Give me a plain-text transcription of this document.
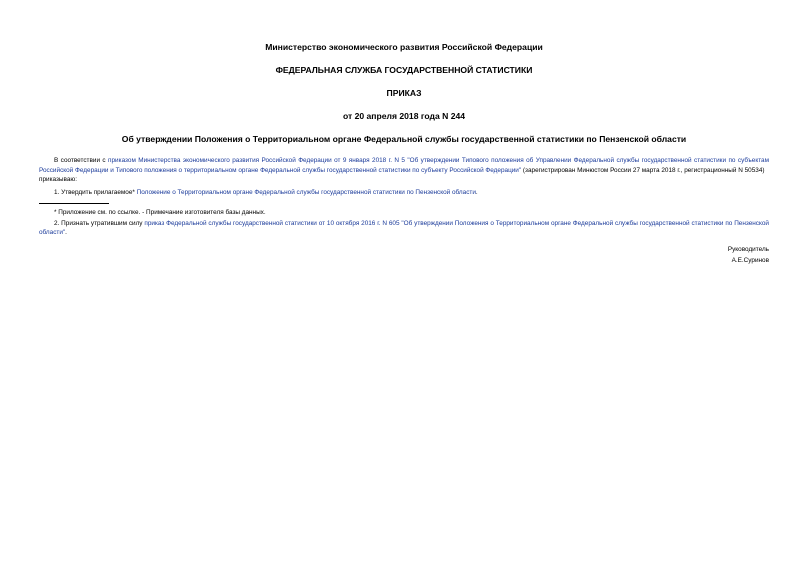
Министерство экономического развития Российской Федерации
ФЕДЕРАЛЬНАЯ СЛУЖБА ГОСУДАРСТВЕННОЙ СТАТИСТИКИ
ПРИКАЗ
от 20 апреля 2018 года N 244
Об утверждении Положения о Территориальном органе Федеральной службы государственной статистики по Пензенской области
В соответствии с приказом Министерства экономического развития Российской Федерации от 9 января 2018 г. N 5 "Об утверждении Типового положения об Управлении Федеральной службы государственной статистики по субъектам Российской Федерации и Типового положения о территориальном органе Федеральной службы государственной статистики по субъекту Российской Федерации" (зарегистрирован Минюстом России 27 марта 2018 г., регистрационный N 50534)
приказываю:
1. Утвердить прилагаемое* Положение о Территориальном органе Федеральной службы государственной статистики по Пензенской области.
* Приложение см. по ссылке. - Примечание изготовителя базы данных.
2. Признать утратившим силу приказ Федеральной службы государственной статистики от 10 октября 2016 г. N 605 "Об утверждении Положения о Территориальном органе Федеральной службы государственной статистики по Пензенской области".
Руководитель
А.Е.Суринов
